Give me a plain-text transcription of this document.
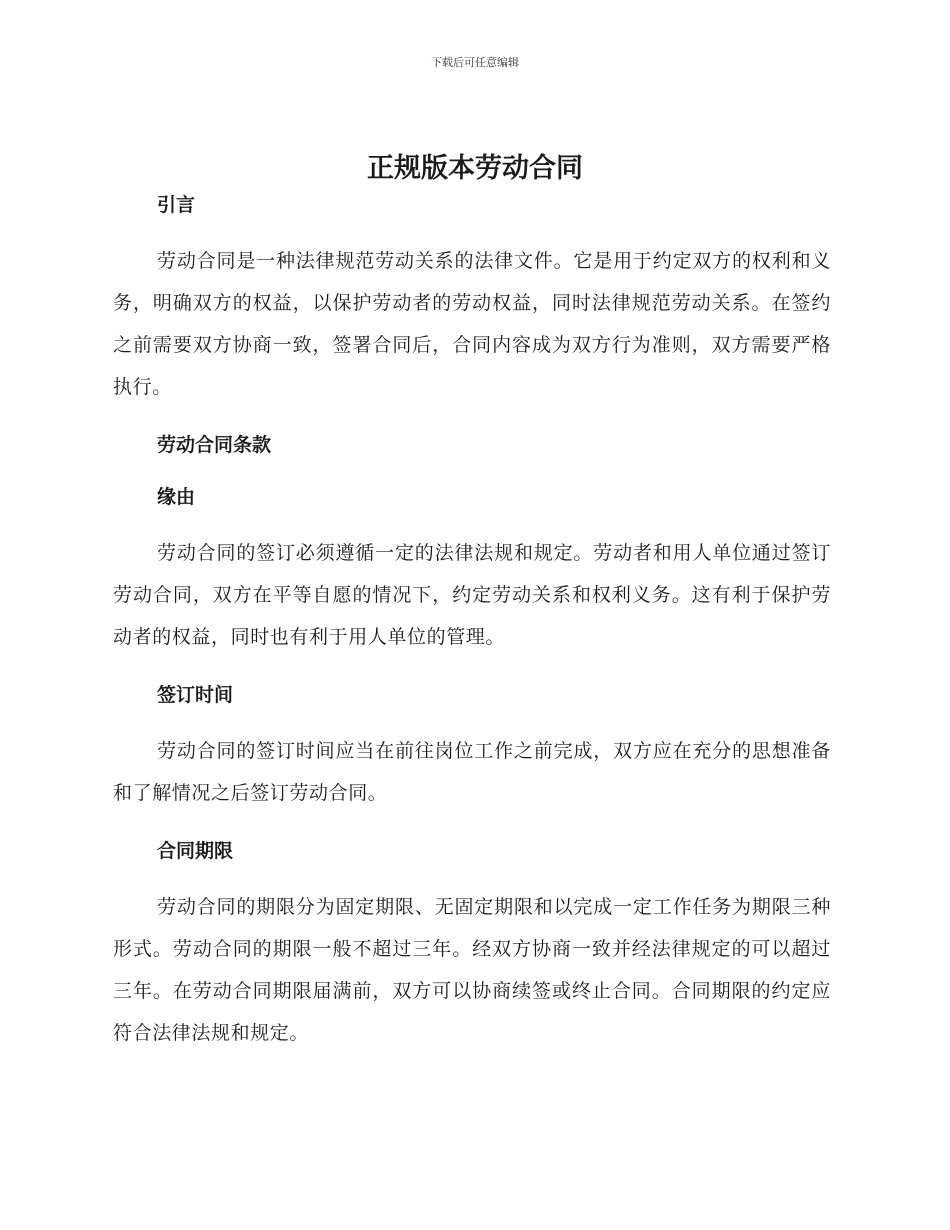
下载后可任意编辑
正规版本劳动合同
引言

劳动合同是一种法律规范劳动关系的法律文件。它是用于约定双方的权利和义务，明确双方的权益，以保护劳动者的劳动权益，同时法律规范劳动关系。在签约之前需要双方协商一致，签署合同后，合同内容成为双方行为准则，双方需要严格执行。

劳动合同条款
缘由

劳动合同的签订必须遵循一定的法律法规和规定。劳动者和用人单位通过签订劳动合同，双方在平等自愿的情况下，约定劳动关系和权利义务。这有利于保护劳动者的权益，同时也有利于用人单位的管理。

签订时间

劳动合同的签订时间应当在前往岗位工作之前完成，双方应在充分的思想准备和了解情况之后签订劳动合同。

合同期限

劳动合同的期限分为固定期限、无固定期限和以完成一定工作任务为期限三种形式。劳动合同的期限一般不超过三年。经双方协商一致并经法律规定的可以超过三年。在劳动合同期限届满前，双方可以协商续签或终止合同。合同期限的约定应符合法律法规和规定。
